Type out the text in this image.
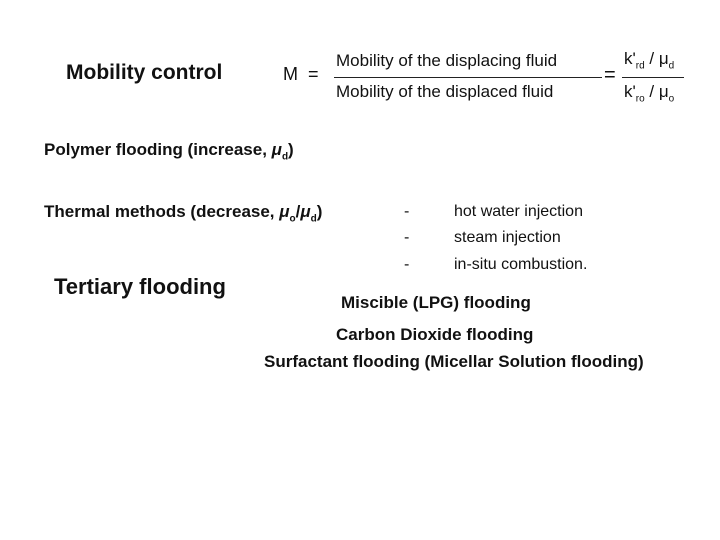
Mobility control	M =
Mobility of the displacing fluid
Mobility of the displaced fluid
=
$k'_{rd} / \mu_d$
$k'_{ro} / \mu_o$
Polymer flooding (increase, $\mu_d$)
Thermal methods (decrease, $\mu_o/\mu_d$)	-	hot water injection
-	steam injection
-	in-situ combustion.
Tertiary flooding
Miscible (LPG) flooding
Carbon Dioxide flooding
Surfactant flooding (Micellar Solution flooding)
